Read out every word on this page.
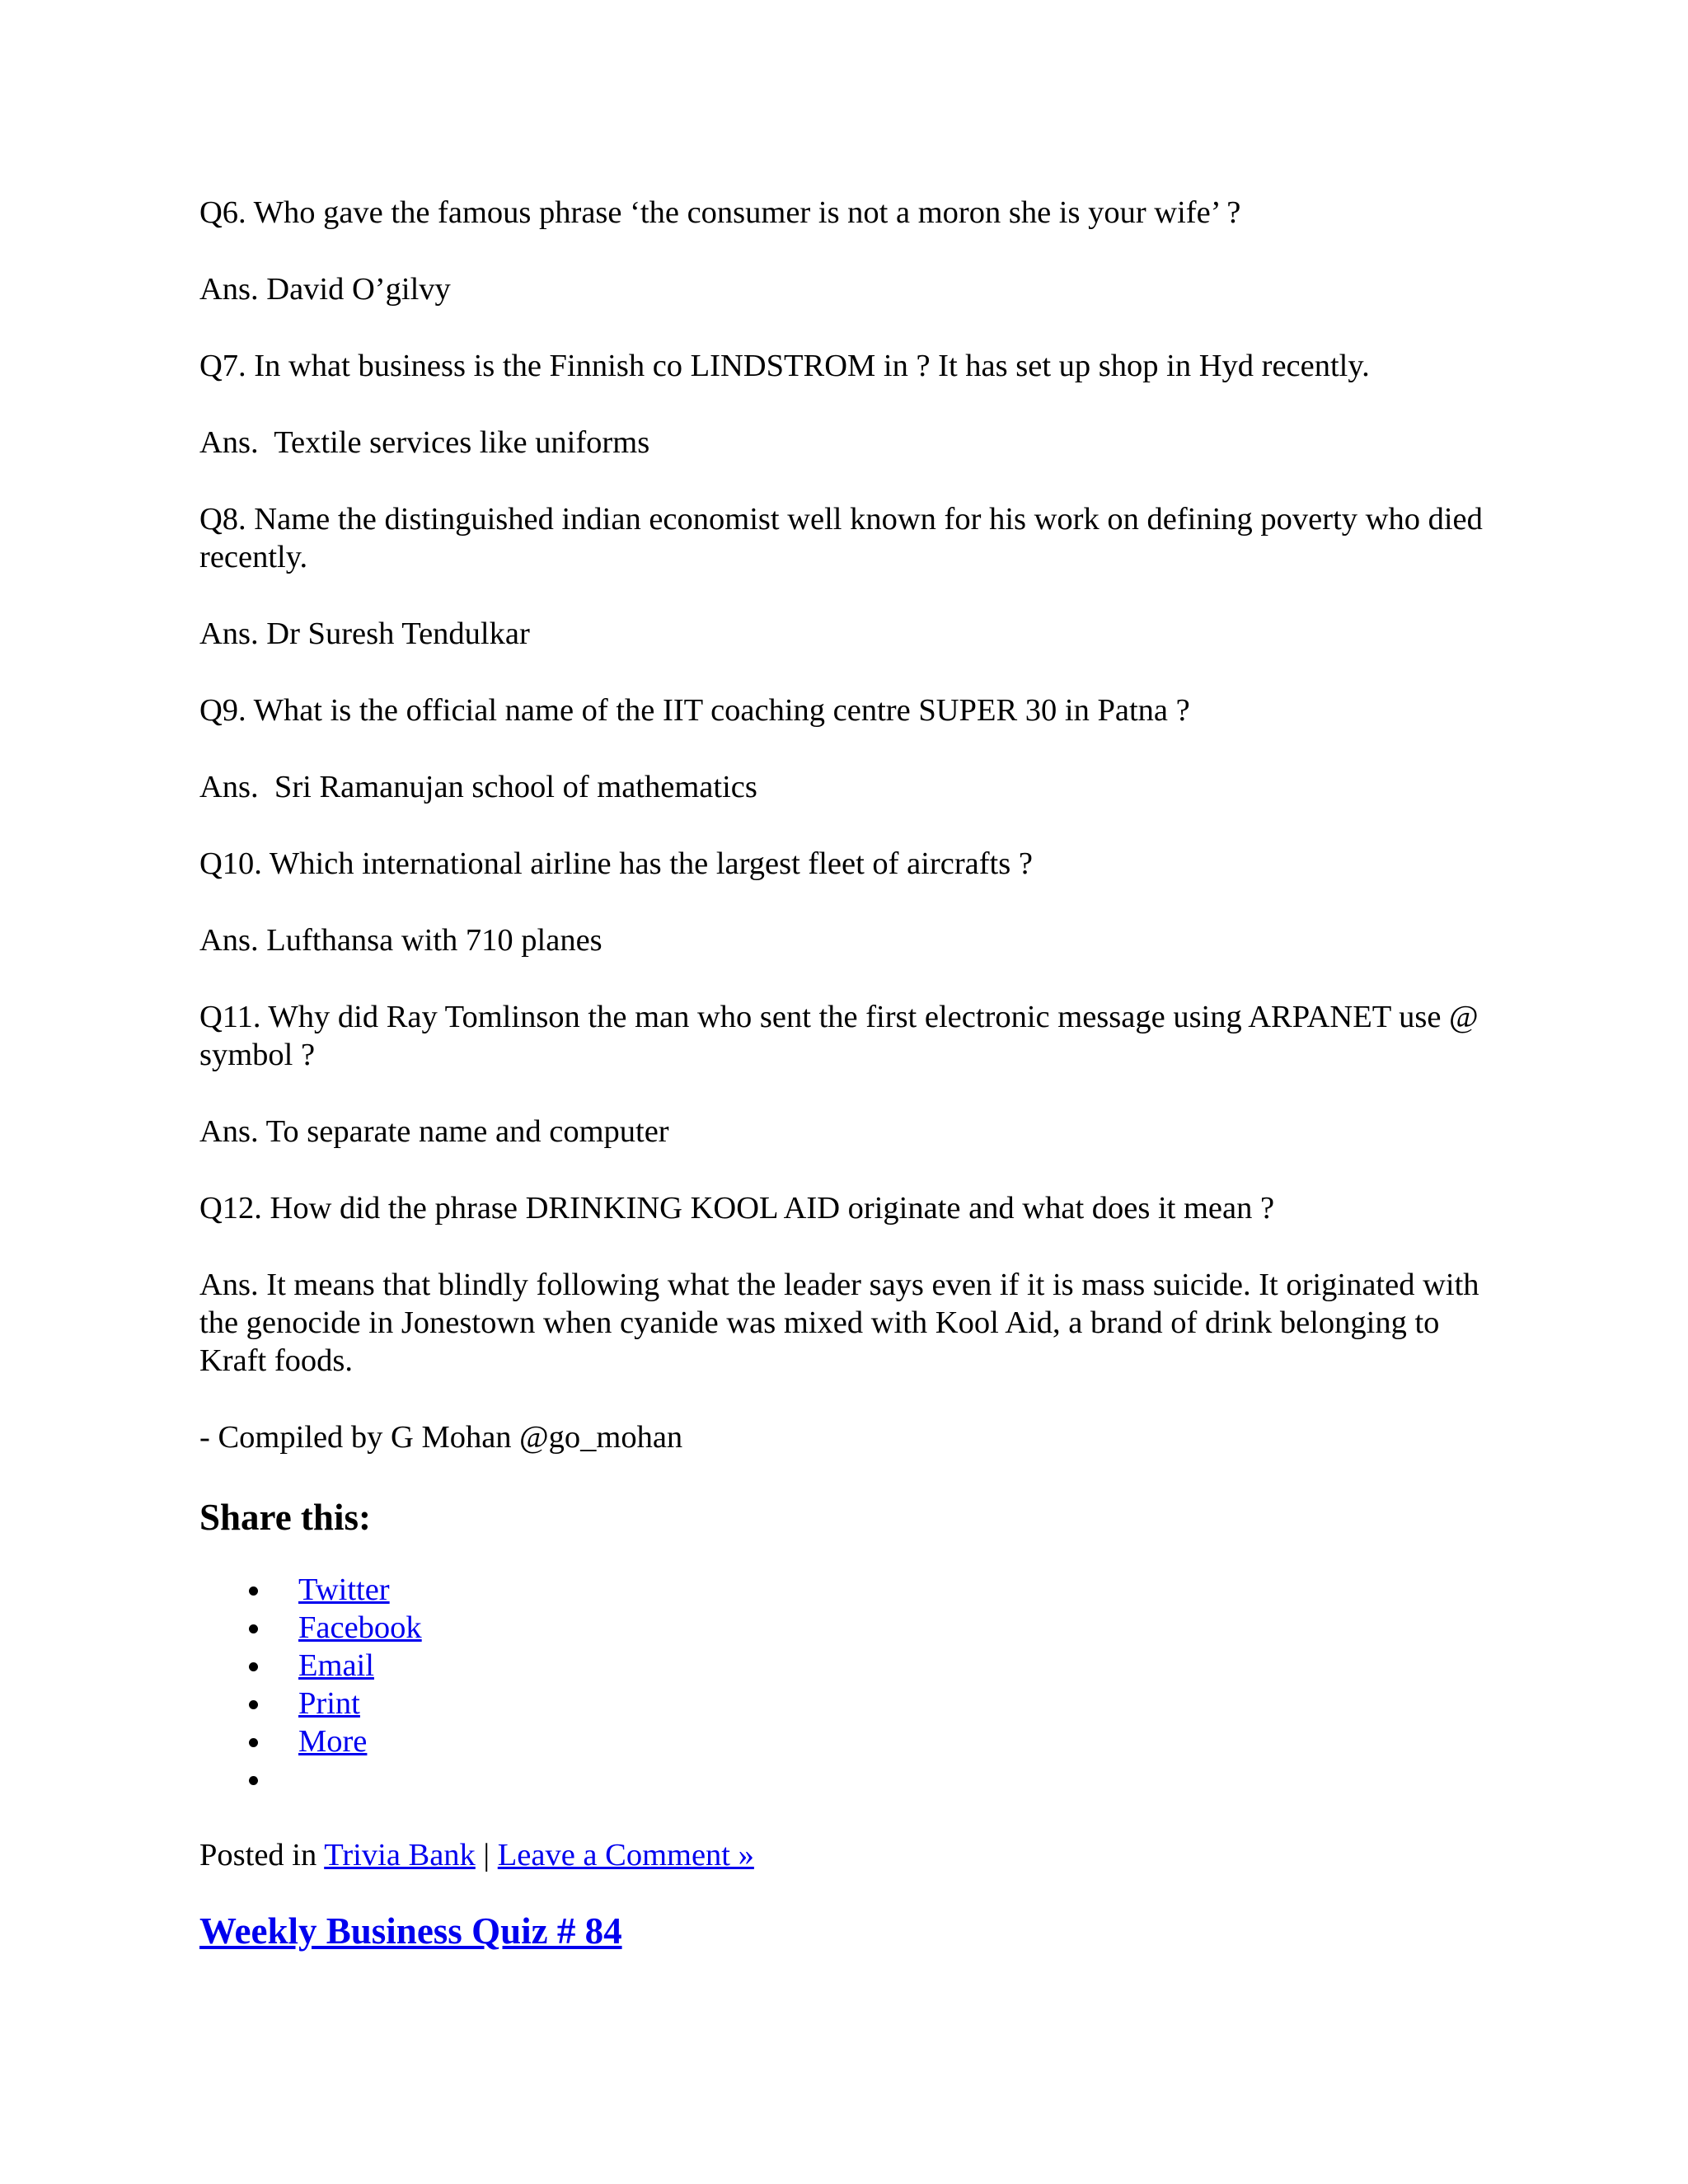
Q6. Who gave the famous phrase ‘the consumer is not a moron she is your wife’ ?

Ans. David O’gilvy

Q7. In what business is the Finnish co LINDSTROM in ? It has set up shop in Hyd recently.

Ans.  Textile services like uniforms

Q8. Name the distinguished indian economist well known for his work on defining poverty who died recently.

Ans. Dr Suresh Tendulkar

Q9. What is the official name of the IIT coaching centre SUPER 30 in Patna ?

Ans.  Sri Ramanujan school of mathematics

Q10. Which international airline has the largest fleet of aircrafts ?

Ans. Lufthansa with 710 planes

Q11. Why did Ray Tomlinson the man who sent the first electronic message using ARPANET use @ symbol ?

Ans. To separate name and computer

Q12. How did the phrase DRINKING KOOL AID originate and what does it mean ?

Ans. It means that blindly following what the leader says even if it is mass suicide. It originated with the genocide in Jonestown when cyanide was mixed with Kool Aid, a brand of drink belonging to Kraft foods.

- Compiled by G Mohan @go_mohan

Share this:
Twitter
Facebook
Email
Print
More

Posted in Trivia Bank | Leave a Comment »

Weekly Business Quiz # 84
